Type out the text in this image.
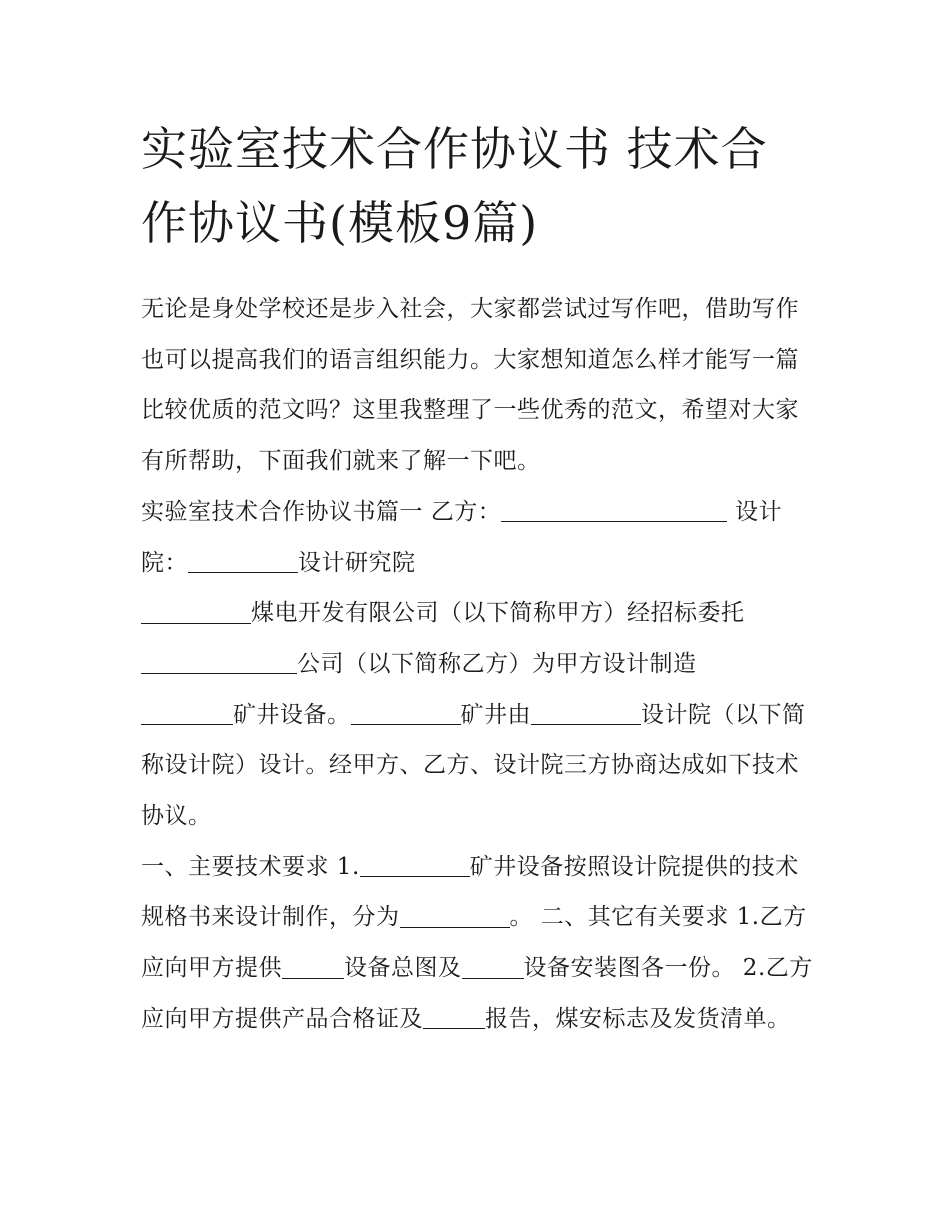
实验室技术合作协议书 技术合作协议书(模板9篇)

无论是身处学校还是步入社会，大家都尝试过写作吧，借助写作也可以提高我们的语言组织能力。大家想知道怎么样才能写一篇比较优质的范文吗？这里我整理了一些优秀的范文，希望对大家有所帮助，下面我们就来了解一下吧。

实验室技术合作协议书篇一 乙方：	设计院：	设计研究院

煤电开发有限公司（以下简称甲方）经招标委托

公司（以下简称乙方）为甲方设计制造

矿井设备。	矿井由	设计院（以下简称设计院）设计。经甲方、乙方、设计院三方协商达成如下技术协议。

一、主要技术要求 1.	矿井设备按照设计院提供的技术规格书来设计制作，分为	。 二、其它有关要求 1.乙方应向甲方提供	设备总图及	设备安装图各一份。 2.乙方应向甲方提供产品合格证及	报告，煤安标志及发货清单。
